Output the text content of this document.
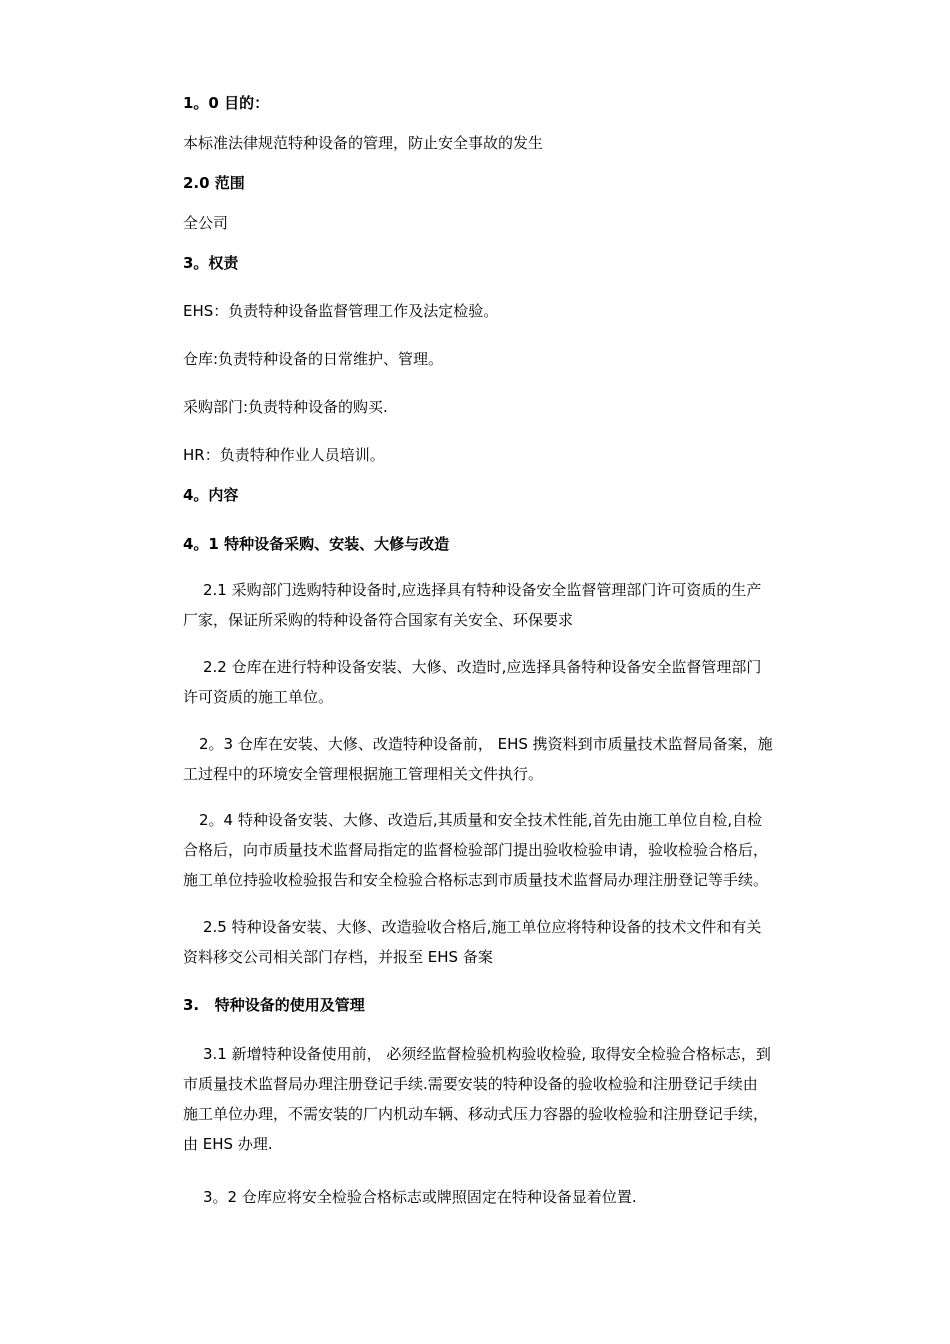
1。0 目的：
本标准法律规范特种设备的管理，防止安全事故的发生
2.0 范围
全公司
3。权责
EHS：负责特种设备监督管理工作及法定检验。
仓库:负责特种设备的日常维护、管理。
采购部门:负责特种设备的购买.
HR：负责特种作业人员培训。
4。内容
4。1 特种设备采购、安装、大修与改造
2.1 采购部门选购特种设备时,应选择具有特种设备安全监督管理部门许可资质的生产
厂家，保证所采购的特种设备符合国家有关安全、环保要求
2.2 仓库在进行特种设备安装、大修、改造时,应选择具备特种设备安全监督管理部门
许可资质的施工单位。
2。3 仓库在安装、大修、改造特种设备前， EHS 携资料到市质量技术监督局备案，施
工过程中的环境安全管理根据施工管理相关文件执行。
2。4 特种设备安装、大修、改造后,其质量和安全技术性能,首先由施工单位自检,自检
合格后，向市质量技术监督局指定的监督检验部门提出验收检验申请，验收检验合格后，
施工单位持验收检验报告和安全检验合格标志到市质量技术监督局办理注册登记等手续。
2.5 特种设备安装、大修、改造验收合格后,施工单位应将特种设备的技术文件和有关
资料移交公司相关部门存档，并报至 EHS 备案
3.   特种设备的使用及管理
3.1 新增特种设备使用前， 必须经监督检验机构验收检验, 取得安全检验合格标志，到
市质量技术监督局办理注册登记手续.需要安装的特种设备的验收检验和注册登记手续由
施工单位办理，不需安装的厂内机动车辆、移动式压力容器的验收检验和注册登记手续，
由 EHS 办理.
3。2 仓库应将安全检验合格标志或牌照固定在特种设备显着位置.
